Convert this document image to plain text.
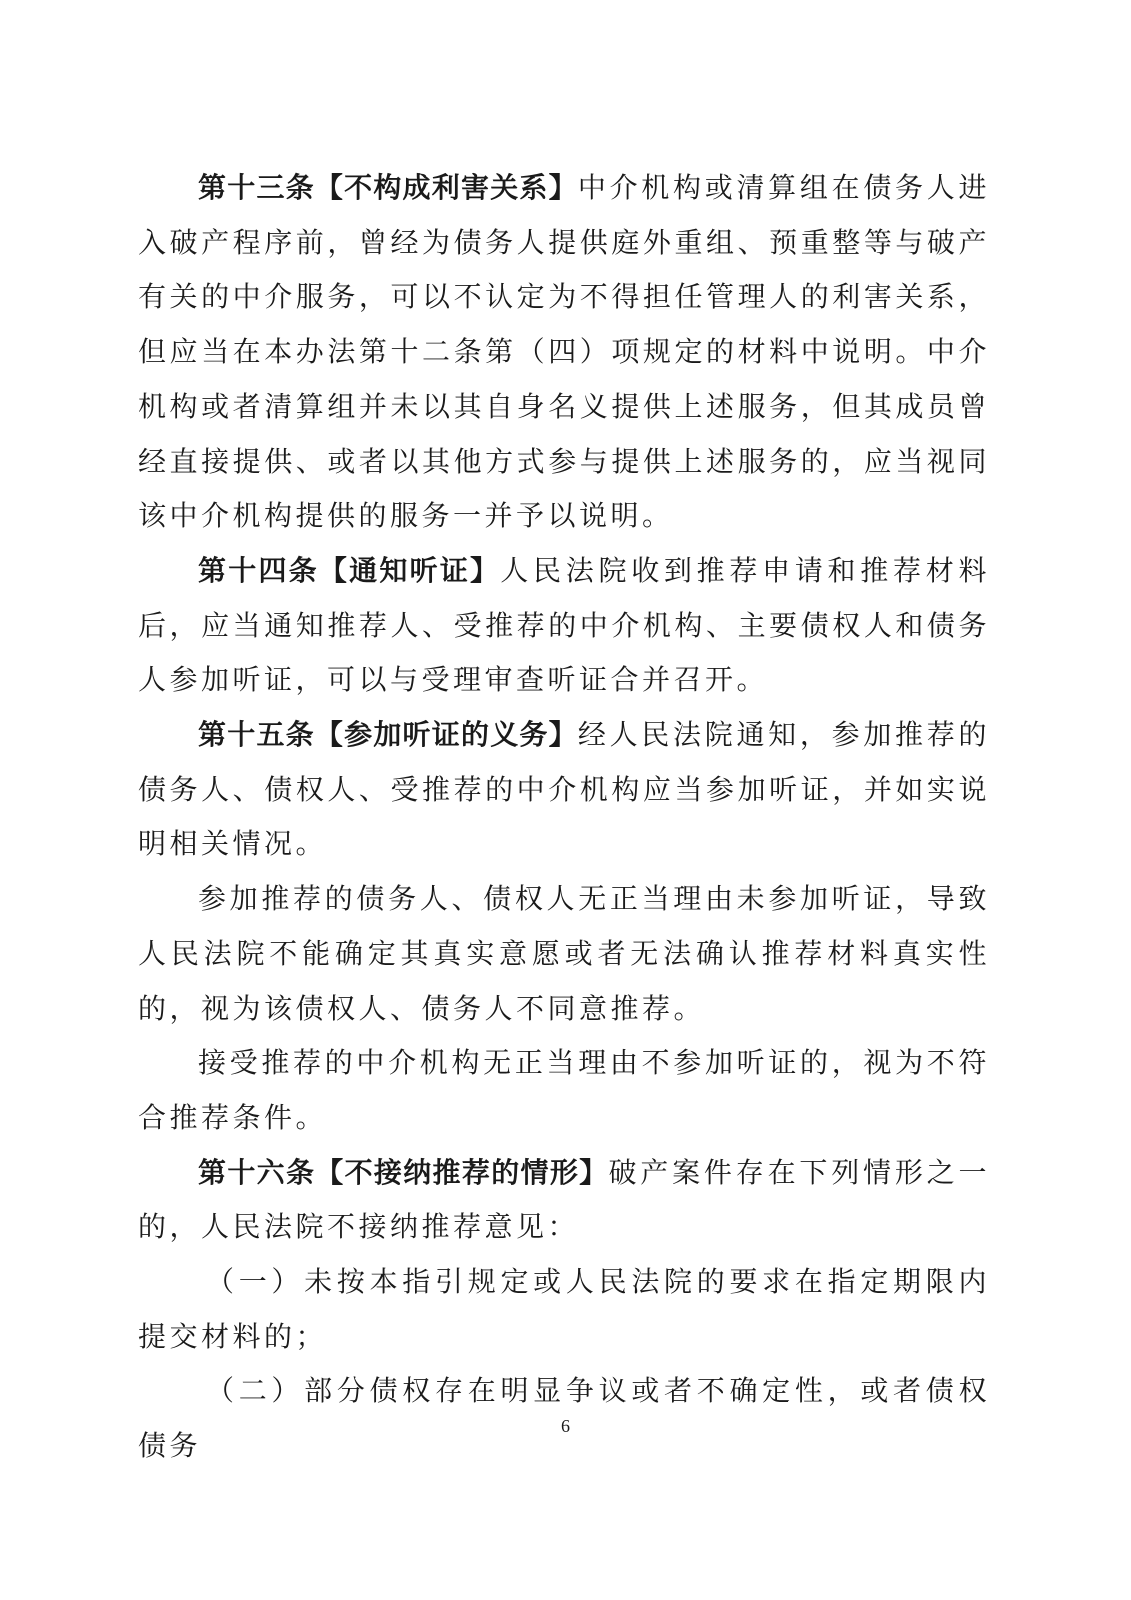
第十三条【不构成利害关系】中介机构或清算组在债务人进入破产程序前，曾经为债务人提供庭外重组、预重整等与破产有关的中介服务，可以不认定为不得担任管理人的利害关系，但应当在本办法第十二条第（四）项规定的材料中说明。中介机构或者清算组并未以其自身名义提供上述服务，但其成员曾经直接提供、或者以其他方式参与提供上述服务的，应当视同该中介机构提供的服务一并予以说明。

第十四条【通知听证】人民法院收到推荐申请和推荐材料后，应当通知推荐人、受推荐的中介机构、主要债权人和债务人参加听证，可以与受理审查听证合并召开。

第十五条【参加听证的义务】经人民法院通知，参加推荐的债务人、债权人、受推荐的中介机构应当参加听证，并如实说明相关情况。

参加推荐的债务人、债权人无正当理由未参加听证，导致人民法院不能确定其真实意愿或者无法确认推荐材料真实性的，视为该债权人、债务人不同意推荐。

接受推荐的中介机构无正当理由不参加听证的，视为不符合推荐条件。

第十六条【不接纳推荐的情形】破产案件存在下列情形之一的，人民法院不接纳推荐意见：

（一）未按本指引规定或人民法院的要求在指定期限内提交材料的；

（二）部分债权存在明显争议或者不确定性，或者债权债务

6
